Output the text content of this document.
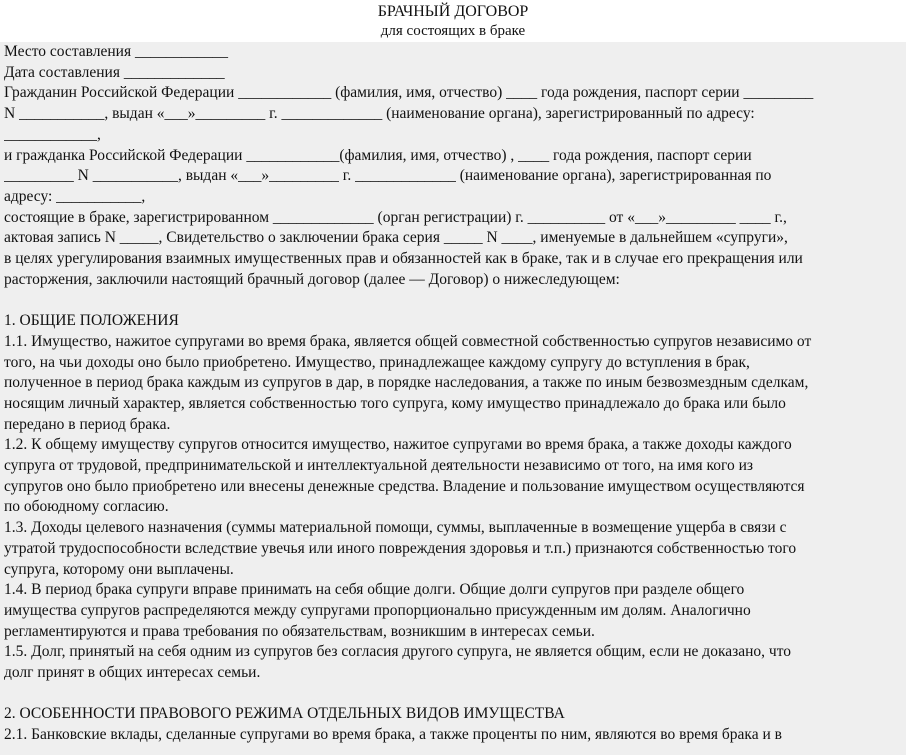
БРАЧНЫЙ ДОГОВОР
для состоящих в браке

Место составления ____________

Дата составления _____________

Гражданин Российской Федерации ____________ (фамилия, имя, отчество) ____ года рождения, паспорт серии _________

N ___________, выдан «___»_________ г. _____________ (наименование органа), зарегистрированный по адресу:

____________,

и гражданка Российской Федерации ____________(фамилия, имя, отчество) , ____ года рождения, паспорт серии

_________ N ___________, выдан «___»_________ г. _____________ (наименование органа), зарегистрированная по

адресу: ___________,

состоящие в браке, зарегистрированном _____________ (орган регистрации) г. __________ от «___»_________ ____ г.,

актовая запись N _____, Свидетельство о заключении брака серия _____ N ____, именуемые в дальнейшем «супруги»,

в целях урегулирования взаимных имущественных прав и обязанностей как в браке, так и в случае его прекращения или

расторжения, заключили настоящий брачный договор (далее — Договор) о нижеследующем:

1. ОБЩИЕ ПОЛОЖЕНИЯ

1.1. Имущество, нажитое супругами во время брака, является общей совместной собственностью супругов независимо от

того, на чьи доходы оно было приобретено. Имущество, принадлежащее каждому супругу до вступления в брак,

полученное в период брака каждым из супругов в дар, в порядке наследования, а также по иным безвозмездным сделкам,

носящим личный характер, является собственностью того супруга, кому имущество принадлежало до брака или было

передано в период брака.

1.2. К общему имуществу супругов относится имущество, нажитое супругами во время брака, а также доходы каждого

супруга от трудовой, предпринимательской и интеллектуальной деятельности независимо от того, на имя кого из

супругов оно было приобретено или внесены денежные средства. Владение и пользование имуществом осуществляются

по обоюдному согласию.

1.3. Доходы целевого назначения (суммы материальной помощи, суммы, выплаченные в возмещение ущерба в связи с

утратой трудоспособности вследствие увечья или иного повреждения здоровья и т.п.) признаются собственностью того

супруга, которому они выплачены.

1.4. В период брака супруги вправе принимать на себя общие долги. Общие долги супругов при разделе общего

имущества супругов распределяются между супругами пропорционально присужденным им долям. Аналогично

регламентируются и права требования по обязательствам, возникшим в интересах семьи.

1.5. Долг, принятый на себя одним из супругов без согласия другого супруга, не является общим, если не доказано, что

долг принят в общих интересах семьи.

2. ОСОБЕННОСТИ ПРАВОВОГО РЕЖИМА ОТДЕЛЬНЫХ ВИДОВ ИМУЩЕСТВА

2.1. Банковские вклады, сделанные супругами во время брака, а также проценты по ним, являются во время брака и в
